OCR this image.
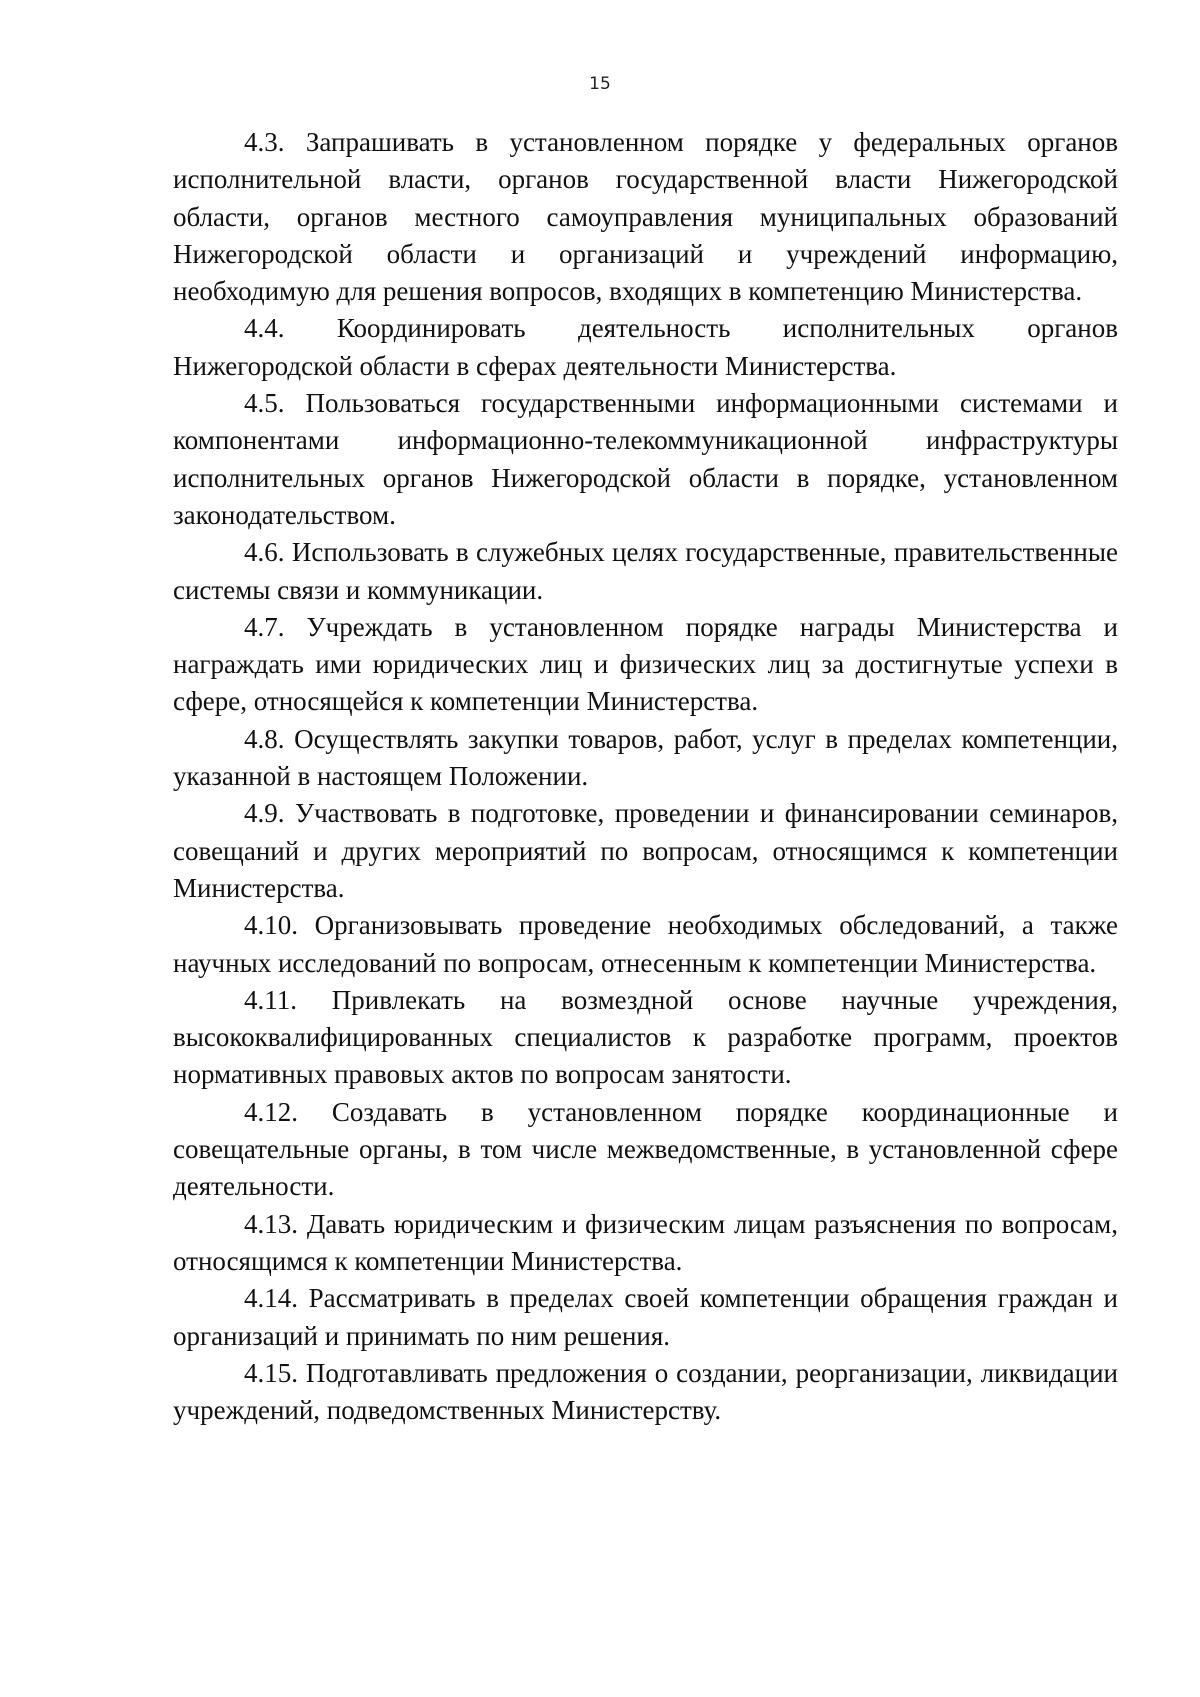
15

4.3. Запрашивать в установленном порядке у федеральных органов исполнительной власти, органов государственной власти Нижегородской области, органов местного самоуправления муниципальных образований Нижегородской области и организаций и учреждений информацию, необходимую для решения вопросов, входящих в компетенцию Министерства.

4.4. Координировать деятельность исполнительных органов Нижегородской области в сферах деятельности Министерства.

4.5. Пользоваться государственными информационными системами и компонентами информационно-телекоммуникационной инфраструктуры исполнительных органов Нижегородской области в порядке, установленном законодательством.

4.6. Использовать в служебных целях государственные, правительственные системы связи и коммуникации.

4.7. Учреждать в установленном порядке награды Министерства и награждать ими юридических лиц и физических лиц за достигнутые успехи в сфере, относящейся к компетенции Министерства.

4.8. Осуществлять закупки товаров, работ, услуг в пределах компетенции, указанной в настоящем Положении.

4.9. Участвовать в подготовке, проведении и финансировании семинаров, совещаний и других мероприятий по вопросам, относящимся к компетенции Министерства.

4.10. Организовывать проведение необходимых обследований, а также научных исследований по вопросам, отнесенным к компетенции Министерства.

4.11. Привлекать на возмездной основе научные учреждения, высококвалифицированных специалистов к разработке программ, проектов нормативных правовых актов по вопросам занятости.

4.12. Создавать в установленном порядке координационные и совещательные органы, в том числе межведомственные, в установленной сфере деятельности.

4.13. Давать юридическим и физическим лицам разъяснения по вопросам, относящимся к компетенции Министерства.

4.14. Рассматривать в пределах своей компетенции обращения граждан и организаций и принимать по ним решения.

4.15. Подготавливать предложения о создании, реорганизации, ликвидации учреждений, подведомственных Министерству.
